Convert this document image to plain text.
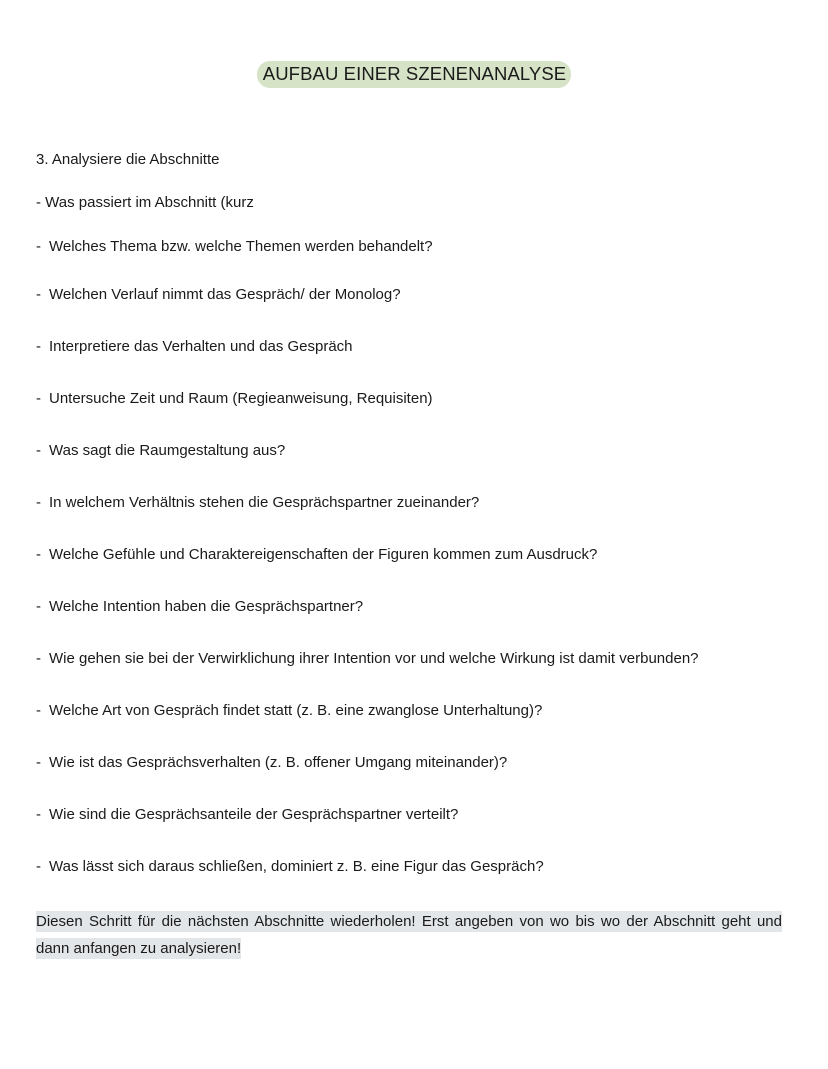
AUFBAU EINER SZENENANALYSE
3. Analysiere die Abschnitte
- Was passiert im Abschnitt (kurz
- Welches Thema bzw. welche Themen werden behandelt?
- Welchen Verlauf nimmt das Gespräch/ der Monolog?
- Interpretiere das Verhalten und das Gespräch
- Untersuche Zeit und Raum (Regieanweisung, Requisiten)
- Was sagt die Raumgestaltung aus?
- In welchem Verhältnis stehen die Gesprächspartner zueinander?
- Welche Gefühle und Charaktereigenschaften der Figuren kommen zum Ausdruck?
- Welche Intention haben die Gesprächspartner?
- Wie gehen sie bei der Verwirklichung ihrer Intention vor und welche Wirkung ist damit verbunden?
- Welche Art von Gespräch findet statt (z. B. eine zwanglose Unterhaltung)?
- Wie ist das Gesprächsverhalten (z. B. offener Umgang miteinander)?
- Wie sind die Gesprächsanteile der Gesprächspartner verteilt?
- Was lässt sich daraus schließen, dominiert z. B. eine Figur das Gespräch?
Diesen Schritt für die nächsten Abschnitte wiederholen! Erst angeben von wo bis wo der Abschnitt geht und dann anfangen zu analysieren!
